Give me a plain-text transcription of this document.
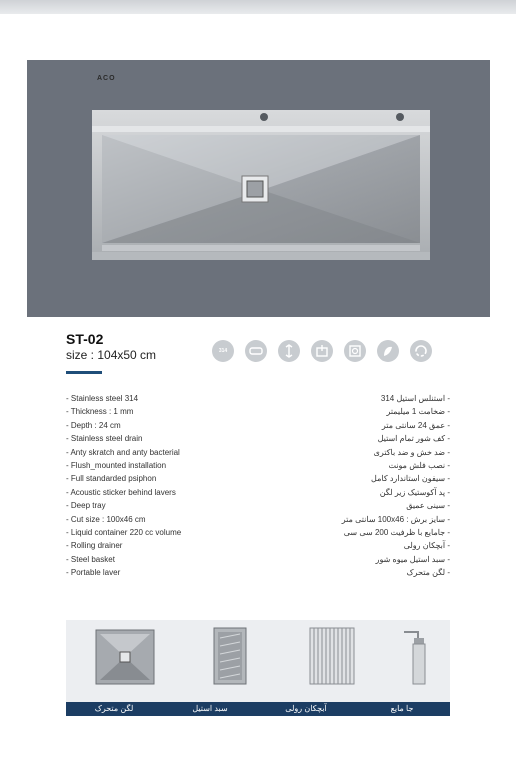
ACO
ST-02
size : 104x50 cm	314
- Stainless steel 314
- Thickness : 1 mm
- Depth : 24 cm
- Stainless steel drain
- Anty skratch and anty bacterial
- Flush_mounted installation
- Full standarded psiphon
- Acoustic sticker behind lavers
- Deep tray
- Cut size : 100x46 cm
- Liquid container 220 cc volume
- Rolling drainer
- Steel basket
- Portable laver
- استنلس استیل 314
- ضخامت 1 میلیمتر
- عمق 24 سانتی متر
- کف شور تمام استیل
- ضد خش و ضد باکتری
- نصب فلش مونت
- سیفون استاندارد کامل
- پد آکوستیک زیر لگن
- سینی عمیق
- سایز برش : 100x46 سانتی متر
- جامایع با ظرفیت 200 سی سی
- آبچکان رولی
- سبد استیل میوه شور
- لگن متحرک
لگن متحرک	سبد استیل	آبچکان رولی	جا مایع
